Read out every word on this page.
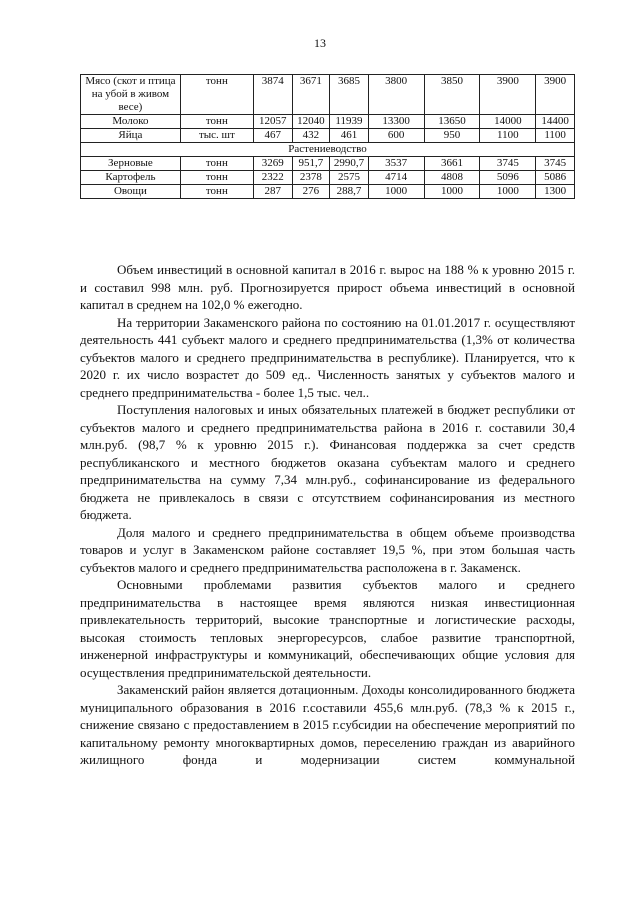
13
Мясо (скот и птица на убой в живом весе)	тонн	3874	3671	3685	3800	3850	3900	3900
Молоко	тонн	12057	12040	11939	13300	13650	14000	14400
Яйца	тыс. шт	467	432	461	600	950	1100	1100
Растениеводство								
Зерновые	тонн	3269	951,7	2990,7	3537	3661	3745	3745
Картофель	тонн	2322	2378	2575	4714	4808	5096	5086
Овощи	тонн	287	276	288,7	1000	1000	1000	1300

Объем инвестиций в основной капитал в 2016 г. вырос на 188 % к уровню 2015 г. и составил 998 млн. руб. Прогнозируется прирост объема инвестиций в основной капитал в среднем на 102,0 % ежегодно.

На территории Закаменского района по состоянию на 01.01.2017 г. осуществляют деятельность 441 субъект малого и среднего предпринимательства (1,3% от количества субъектов малого и среднего предпринимательства в республике). Планируется, что к 2020 г. их число возрастет до 509 ед.. Численность занятых у субъектов малого и среднего предпринимательства - более 1,5 тыс. чел..

Поступления налоговых и иных обязательных платежей в бюджет республики от субъектов малого и среднего предпринимательства района в 2016 г. составили 30,4 млн.руб. (98,7 % к уровню 2015 г.). Финансовая поддержка за счет средств республиканского и местного бюджетов оказана субъектам малого и среднего предпринимательства на сумму 7,34 млн.руб., софинансирование из федерального бюджета не привлекалось в связи с отсутствием софинансирования из местного бюджета.

Доля малого и среднего предпринимательства в общем объеме производства товаров и услуг в Закаменском районе составляет 19,5 %, при этом большая часть субъектов малого и среднего предпринимательства расположена в г. Закаменск.

Основными проблемами развития субъектов малого и среднего предпринимательства в настоящее время являются низкая инвестиционная привлекательность территорий, высокие транспортные и логистические расходы, высокая стоимость тепловых энергоресурсов, слабое развитие транспортной, инженерной инфраструктуры и коммуникаций, обеспечивающих общие условия для осуществления предпринимательской деятельности.

Закаменский район является дотационным. Доходы консолидированного бюджета муниципального образования в 2016 г.составили 455,6 млн.руб. (78,3 % к 2015 г., снижение связано с предоставлением в 2015 г.субсидии на обеспечение мероприятий по капитальному ремонту многоквартирных домов, переселению граждан из аварийного жилищного фонда и модернизации систем коммунальной
